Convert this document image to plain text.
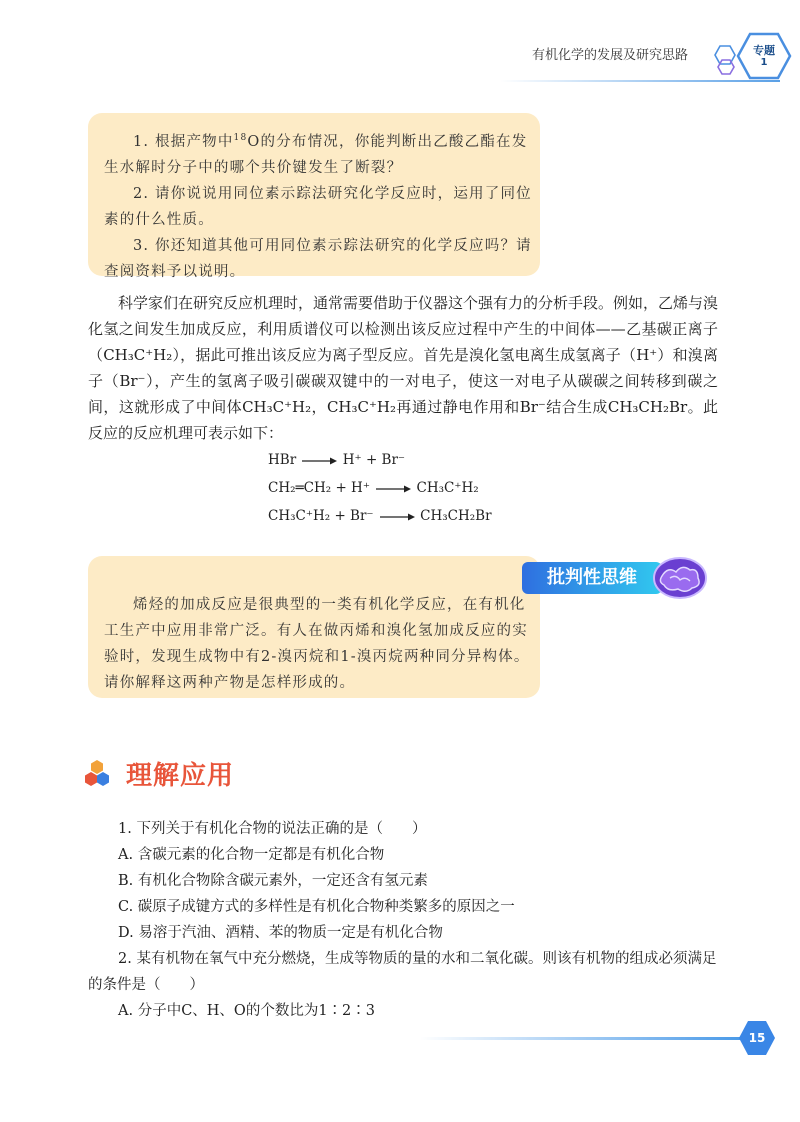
有机化学的发展及研究思路	专题
1

1. 根据产物中$^{18}$O的分布情况，你能判断出乙酸乙酯在发生水解时分子中的哪个共价键发生了断裂？

2. 请你说说用同位素示踪法研究化学反应时，运用了同位素的什么性质。

3. 你还知道其他可用同位素示踪法研究的化学反应吗？请查阅资料予以说明。

科学家们在研究反应机理时，通常需要借助于仪器这个强有力的分析手段。例如，乙烯与溴化氢之间发生加成反应，利用质谱仪可以检测出该反应过程中产生的中间体——乙基碳正离子（CH₃C⁺H₂），据此可推出该反应为离子型反应。首先是溴化氢电离生成氢离子（H⁺）和溴离子（Br⁻），产生的氢离子吸引碳碳双键中的一对电子，使这一对电子从碳碳之间转移到碳之间，这就形成了中间体CH₃C⁺H₂，CH₃C⁺H₂再通过静电作用和Br⁻结合生成CH₃CH₂Br。此反应的反应机理可表示如下：

HBr → H⁺ + Br⁻
CH₂═CH₂ + H⁺ → CH₃C⁺H₂
CH₃C⁺H₂ + Br⁻ → CH₃CH₂Br

烯烃的加成反应是很典型的一类有机化学反应，在有机化工生产中应用非常广泛。有人在做丙烯和溴化氢加成反应的实验时，发现生成物中有2-溴丙烷和1-溴丙烷两种同分异构体。请你解释这两种产物是怎样形成的。

批判性思维
理解应用

1. 下列关于有机化合物的说法正确的是（　　）

A. 含碳元素的化合物一定都是有机化合物

B. 有机化合物除含碳元素外，一定还含有氢元素

C. 碳原子成键方式的多样性是有机化合物种类繁多的原因之一

D. 易溶于汽油、酒精、苯的物质一定是有机化合物

2. 某有机物在氧气中充分燃烧，生成等物质的量的水和二氧化碳。则该有机物的组成必须满足的条件是（　　）

A. 分子中C、H、O的个数比为1∶2∶3

15
